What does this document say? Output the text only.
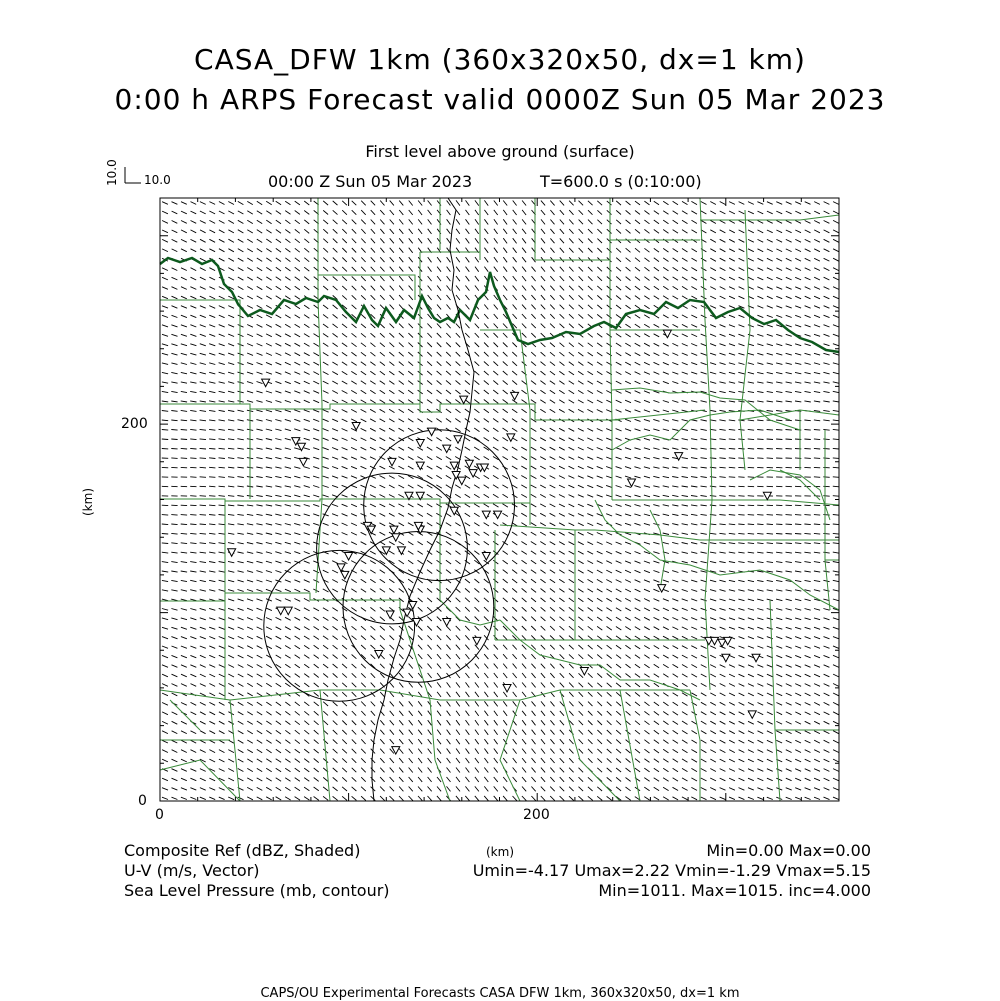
CASA_DFW 1km (360x320x50, dx=1 km)
0:00 h ARPS Forecast valid 0000Z Sun 05 Mar 2023
First level above ground (surface)
00:00 Z Sun 05 Mar 2023	T=600.0 s (0:10:00)
10.0
10.0
200
0
0	200
(km)
(km)
Composite Ref (dBZ, Shaded)	Min=0.00 Max=0.00
U-V (m/s, Vector)	Umin=-4.17 Umax=2.22 Vmin=-1.29 Vmax=5.15
Sea Level Pressure (mb, contour)	Min=1011. Max=1015. inc=4.000
CAPS/OU Experimental Forecasts CASA DFW 1km, 360x320x50, dx=1 km
